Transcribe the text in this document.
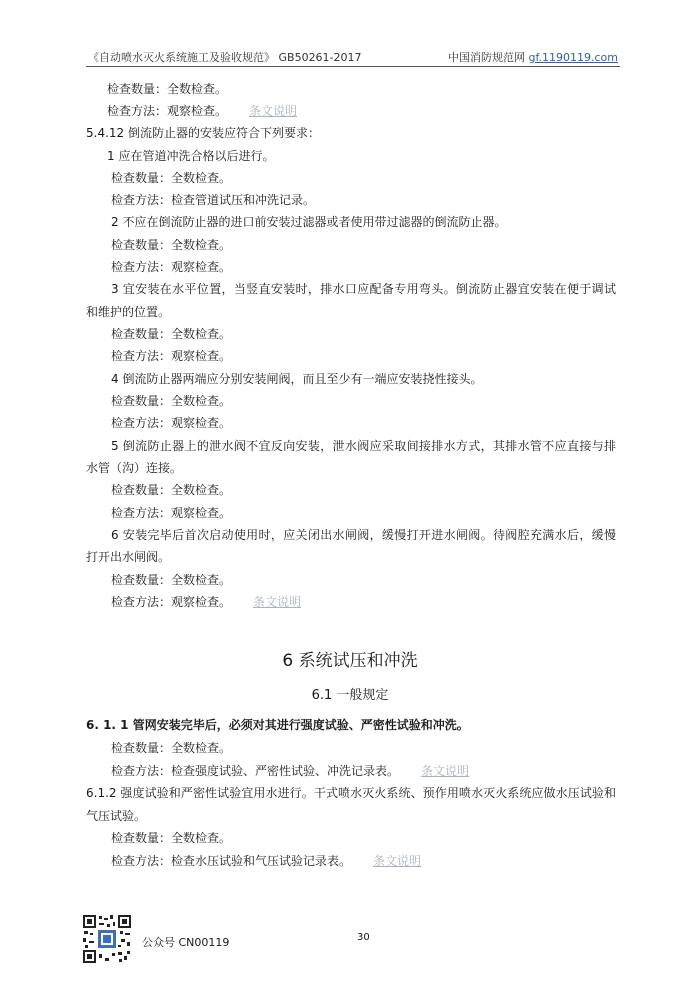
《自动喷水灭火系统施工及验收规范》 GB50261-2017	中国消防规范网 gf.1190119.com
检查数量：全数检查。
检查方法：观察检查。 条文说明
5.4.12 倒流防止器的安装应符合下列要求：
1 应在管道冲洗合格以后进行。
检查数量：全数检查。
检查方法：检查管道试压和冲洗记录。
2 不应在倒流防止器的进口前安装过滤器或者使用带过滤器的倒流防止器。
检查数量：全数检查。
检查方法：观察检查。
3 宜安装在水平位置，当竖直安装时，排水口应配备专用弯头。倒流防止器宜安装在便于调试
和维护的位置。
检查数量：全数检查。
检查方法：观察检查。
4 倒流防止器两端应分别安装闸阀，而且至少有一端应安装挠性接头。
检查数量：全数检查。
检查方法：观察检查。
5 倒流防止器上的泄水阀不宜反向安装，泄水阀应采取间接排水方式，其排水管不应直接与排
水管（沟）连接。
检查数量：全数检查。
检查方法：观察检查。
6 安装完毕后首次启动使用时，应关闭出水闸阀，缓慢打开进水闸阀。待阀腔充满水后，缓慢
打开出水闸阀。
检查数量：全数检查。
检查方法：观察检查。 条文说明
6 系统试压和冲洗
6.1 一般规定
6. 1. 1 管网安装完毕后，必须对其进行强度试验、严密性试验和冲洗。
检查数量：全数检查。
检查方法：检查强度试验、严密性试验、冲洗记录表。 条文说明
6.1.2 强度试验和严密性试验宜用水进行。干式喷水灭火系统、预作用喷水灭火系统应做水压试验和
气压试验。
检查数量：全数检查。
检查方法：检查水压试验和气压试验记录表。 条文说明
公众号 CN00119	30
